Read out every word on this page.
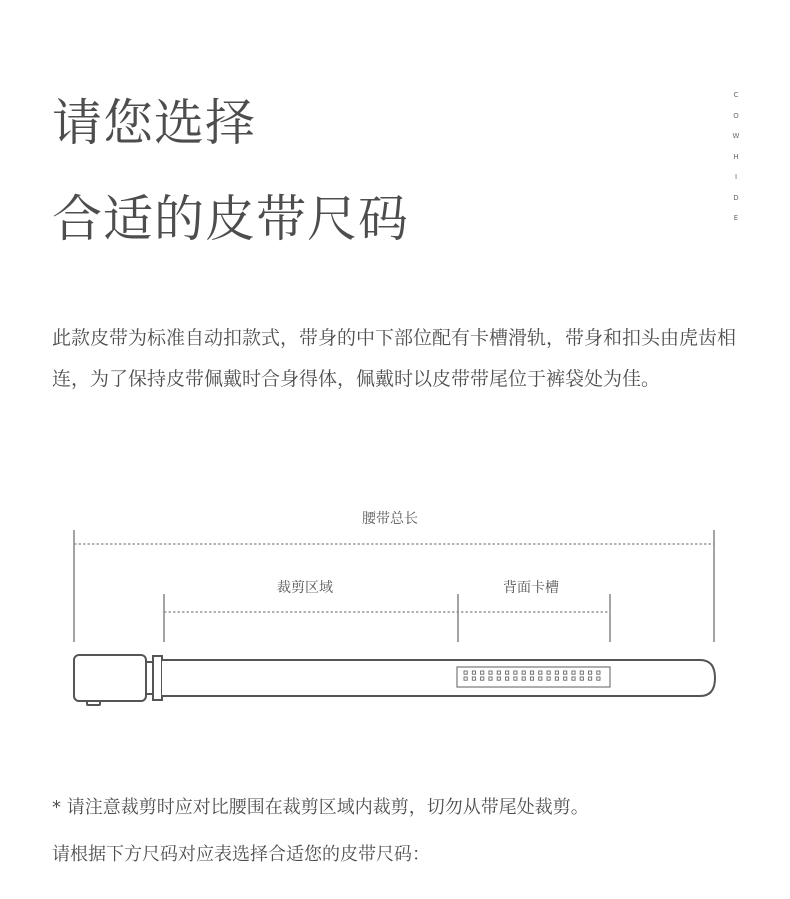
请您选择
合适的皮带尺码
C
O
W
H
I
D
E

此款皮带为标准自动扣款式，带身的中下部位配有卡槽滑轨，带身和扣头由虎齿相连，为了保持皮带佩戴时合身得体，佩戴时以皮带带尾位于裤袋处为佳。

腰带总长
裁剪区域	背面卡槽

* 请注意裁剪时应对比腰围在裁剪区域内裁剪，切勿从带尾处裁剪。

请根据下方尺码对应表选择合适您的皮带尺码：
